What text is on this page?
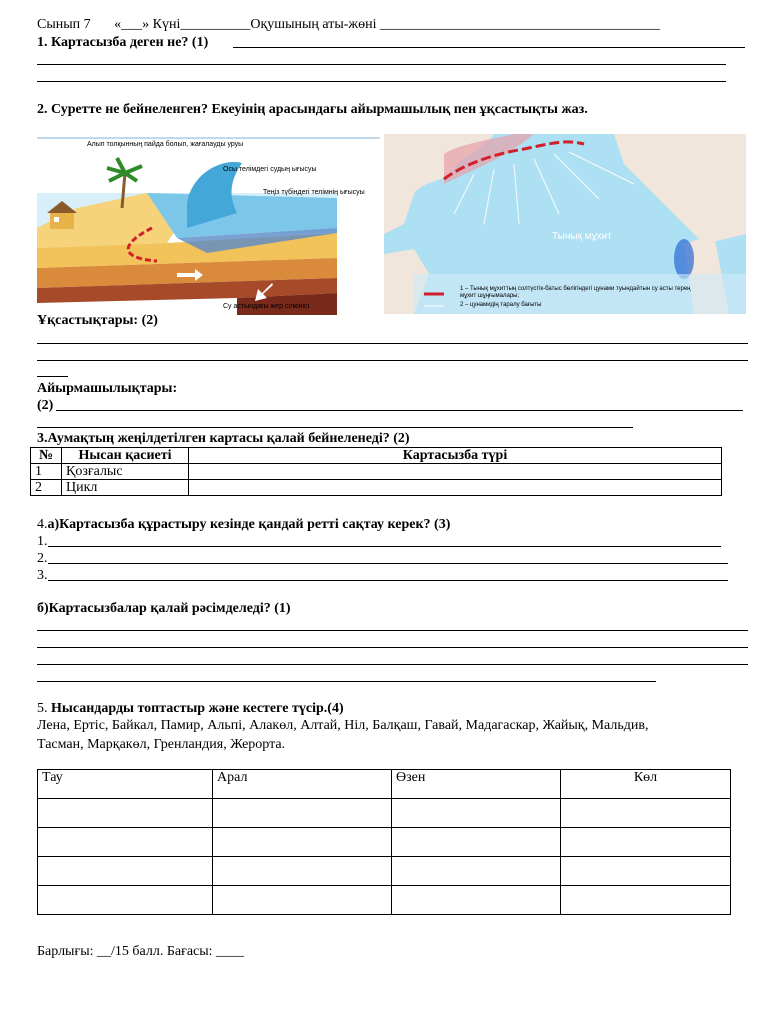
Сынып 7 «___» Күні__________Оқушының аты-жөні ________________________________________
1. Картасызба деген не? (1)
2. Суретте не бейнеленген? Екеуінің арасындағы айырмашылық пен ұқсастықты жаз.
Алып толқынның пайда болып, жағалауды уруы
Осы телімдегі судың ығысуы
Теңіз түбіндегі телімнің ығысуы
Су астындағы жер сілкінісі
Тынық мұхит
1 – Тынық мұхиттың солтүстік-батыс бөлігіндегі цунами туындайтын су асты терең мұхит шұңғымалары;
2 – цунамидің таралу бағыты
Ұқсастықтары: (2)
Айырмашылықтары:
(2)
3.Аумақтың жеңілдетілген картасы қалай бейнеленеді? (2)
№	Нысан қасиеті	Картасызба түрі
1	Қозғалыс	
2	Цикл	
4.а)Картасызба құрастыру кезінде қандай ретті сақтау керек? (3)
1.
2.
3.
б)Картасызбалар қалай рәсімделеді? (1)
5. Нысандарды топтастыр және кестеге түсір.(4)
Лена, Ертіс, Байкал, Памир, Альпі, Алакөл, Алтай, Ніл, Балқаш, Гавай, Мадагаскар, Жайық, Мальдив,
Тасман, Марқакөл, Гренландия, Жерорта.
Тау	Арал	Өзен	Көл

Барлығы: __/15 балл. Бағасы: ____
